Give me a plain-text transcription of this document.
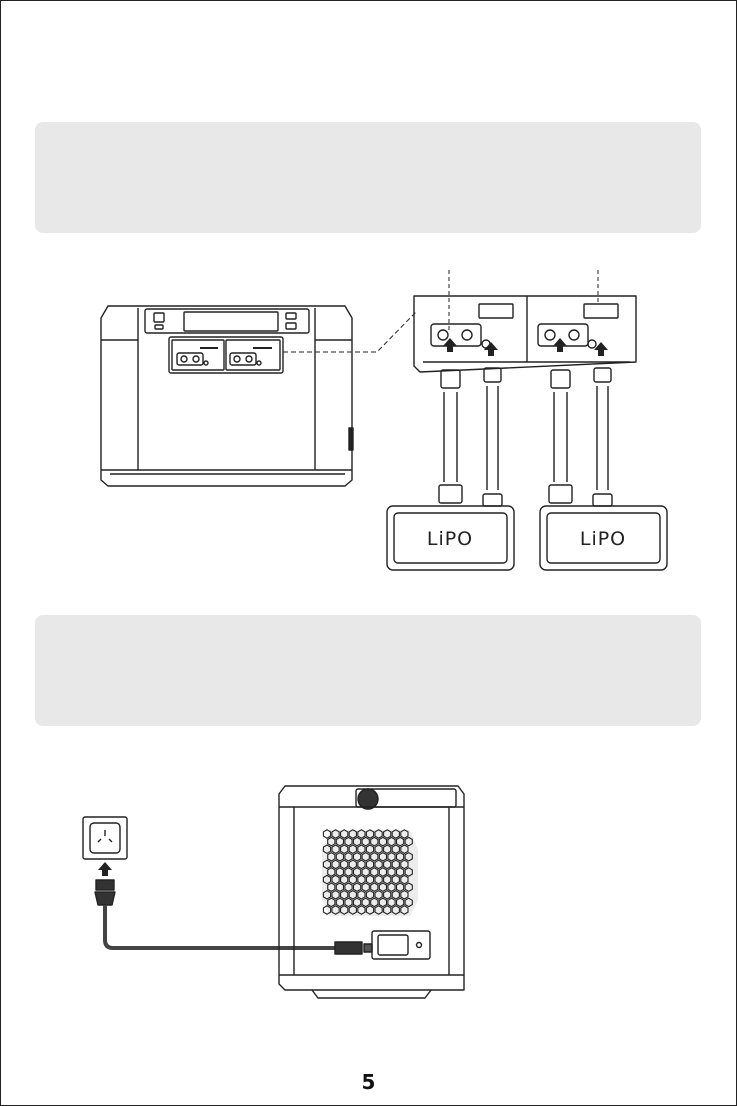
LiPO	LiPO
5
